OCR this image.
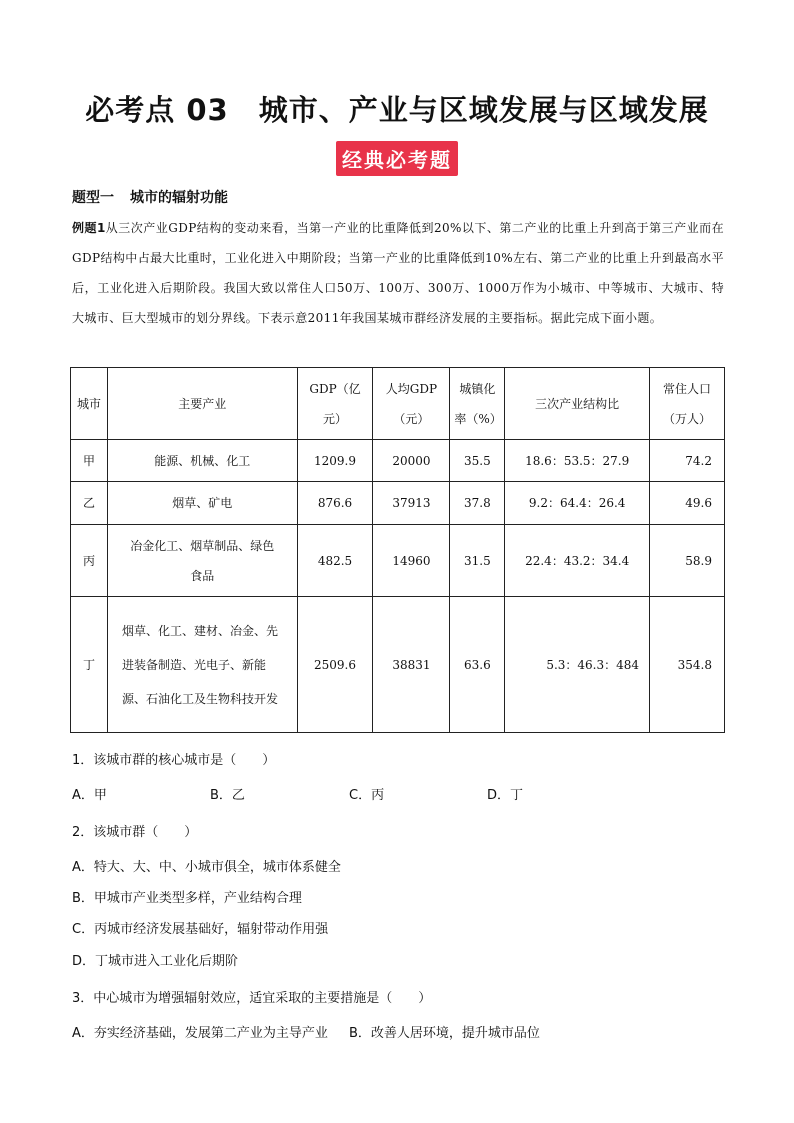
必考点 03　城市、产业与区域发展与区域发展
经典必考题
题型一 城市的辐射功能
例题1从三次产业GDP结构的变动来看，当第一产业的比重降低到20%以下、第二产业的比重上升到高于第三产业而在GDP结构中占最大比重时，工业化进入中期阶段；当第一产业的比重降低到10%左右、第二产业的比重上升到最高水平后，工业化进入后期阶段。我国大致以常住人口50万、100万、300万、1000万作为小城市、中等城市、大城市、特大城市、巨大型城市的划分界线。下表示意2011年我国某城市群经济发展的主要指标。据此完成下面小题。
城市	主要产业	GDP（亿元）	人均GDP（元）	城镇化率（%）	三次产业结构比	常住人口（万人）
甲	能源、机械、化工	1209.9	20000	35.5	18.6：53.5：27.9	74.2
乙	烟草、矿电	876.6	37913	37.8	9.2：64.4：26.4	49.6
丙	冶金化工、烟草制品、绿色食品	482.5	14960	31.5	22.4：43.2：34.4	58.9
丁	烟草、化工、建材、冶金、先进装备制造、光电子、新能源、石油化工及生物科技开发	2509.6	38831	63.6	5.3：46.3：484	354.8
1．该城市群的核心城市是（　　）
A．甲	B．乙	C．丙	D．丁
2．该城市群（　　）
A．特大、大、中、小城市俱全，城市体系健全
B．甲城市产业类型多样，产业结构合理
C．丙城市经济发展基础好，辐射带动作用强
D．丁城市进入工业化后期阶
3．中心城市为增强辐射效应，适宜采取的主要措施是（　　）
A．夯实经济基础，发展第二产业为主导产业 B．改善人居环境，提升城市品位
